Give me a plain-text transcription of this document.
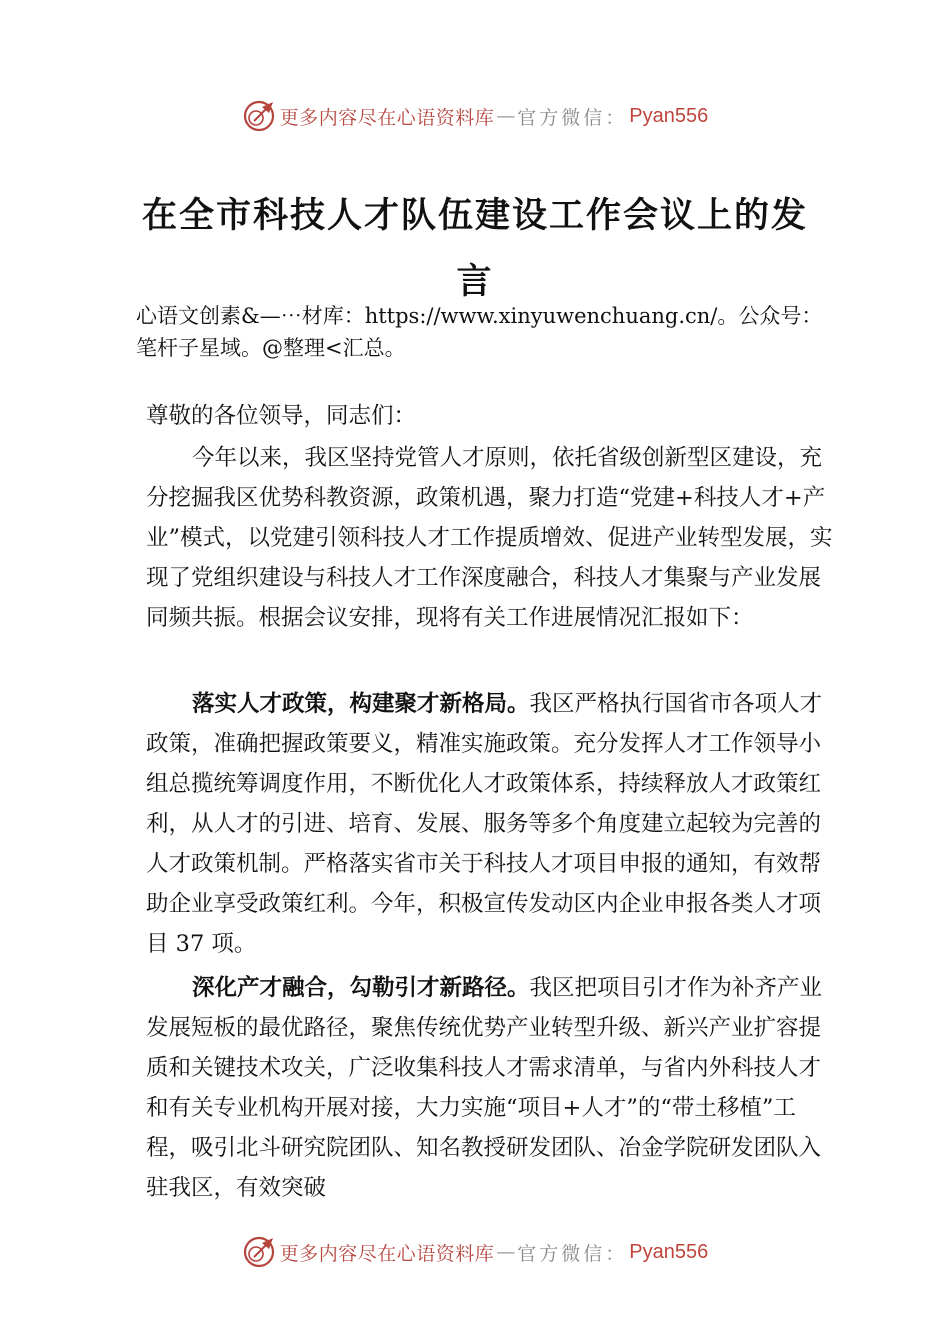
更多内容尽在心语资料库 — 官方微信： Pyan556
在全市科技人才队伍建设工作会议上的发
言
心语文创素&—⋯材库：https://www.xinyuwenchuang.cn/。公众号：笔杆子星域。@整理<汇总。
尊敬的各位领导，同志们：
今年以来，我区坚持党管人才原则，依托省级创新型区建设，充分挖掘我区优势科教资源，政策机遇，聚力打造“党建+科技人才+产业”模式，以党建引领科技人才工作提质增效、促进产业转型发展，实现了党组织建设与科技人才工作深度融合，科技人才集聚与产业发展同频共振。根据会议安排，现将有关工作进展情况汇报如下：
落实人才政策，构建聚才新格局。我区严格执行国省市各项人才政策，准确把握政策要义，精准实施政策。充分发挥人才工作领导小组总揽统筹调度作用，不断优化人才政策体系，持续释放人才政策红利，从人才的引进、培育、发展、服务等多个角度建立起较为完善的人才政策机制。严格落实省市关于科技人才项目申报的通知，有效帮助企业享受政策红利。今年，积极宣传发动区内企业申报各类人才项目 37 项。
深化产才融合，勾勒引才新路径。我区把项目引才作为补齐产业发展短板的最优路径，聚焦传统优势产业转型升级、新兴产业扩容提质和关键技术攻关，广泛收集科技人才需求清单，与省内外科技人才和有关专业机构开展对接，大力实施“项目+人才”的“带土移植”工程，吸引北斗研究院团队、知名教授研发团队、冶金学院研发团队入驻我区，有效突破
更多内容尽在心语资料库 — 官方微信： Pyan556
